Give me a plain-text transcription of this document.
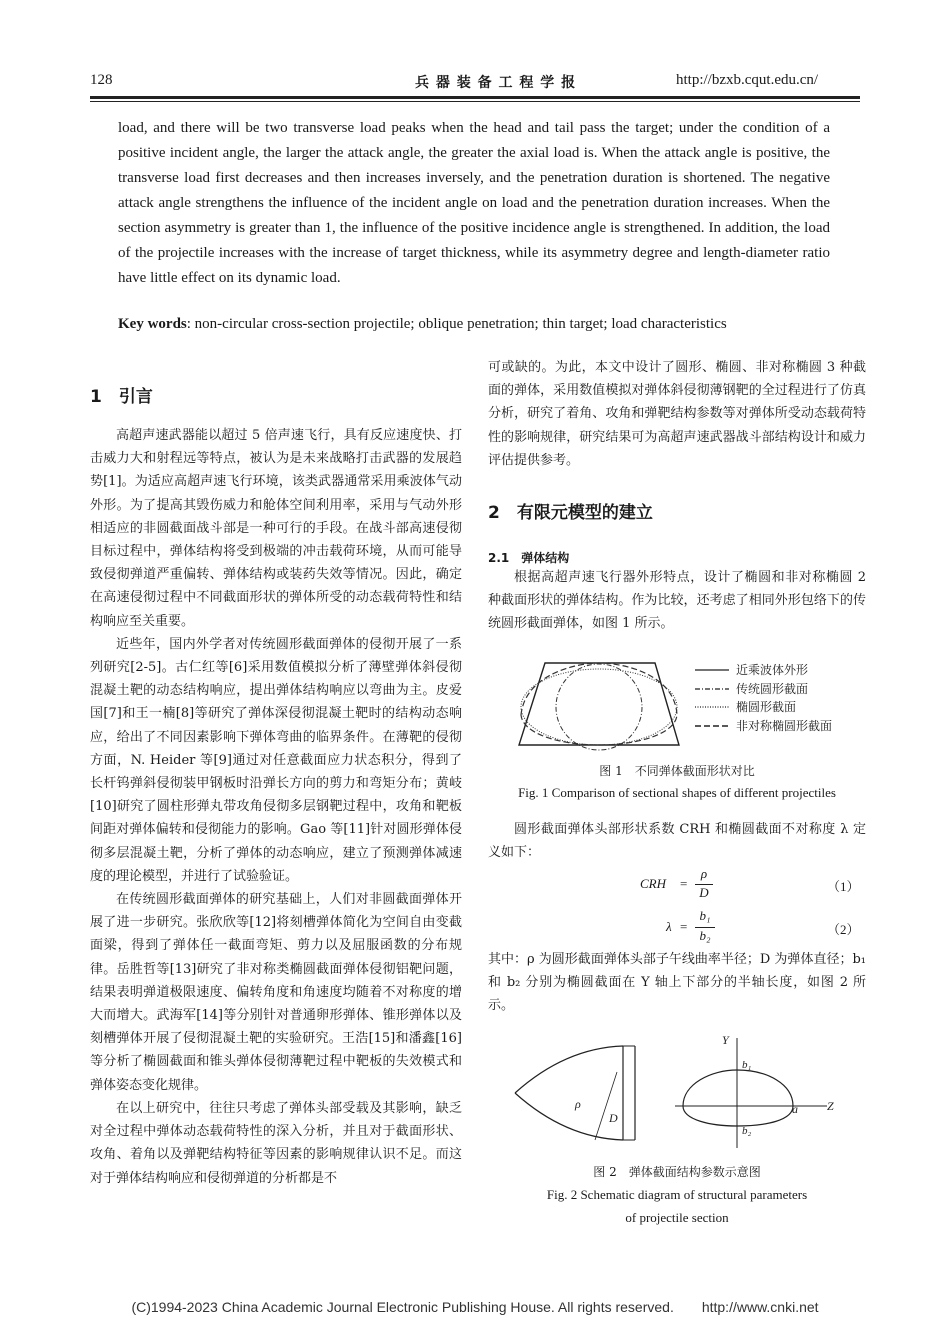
128	兵 器 装 备 工 程 学 报	http://bzxb.cqut.edu.cn/
load, and there will be two transverse load peaks when the head and tail pass the target; under the condition of a positive incident angle, the larger the attack angle, the greater the axial load is. When the attack angle is positive, the transverse load first decreases and then increases inversely, and the penetration duration is shortened. The negative attack angle strengthens the influence of the incident angle on load and the penetration duration increases. When the section asymmetry is greater than 1, the influence of the positive incidence angle is strengthened. In addition, the load of the projectile increases with the increase of target thickness, while its asymmetry degree and length-diameter ratio have little effect on its dynamic load.
Key words: non-circular cross-section projectile; oblique penetration; thin target; load characteristics
1　引言

高超声速武器能以超过 5 倍声速飞行，具有反应速度快、打击威力大和射程远等特点，被认为是未来战略打击武器的发展趋势[1]。为适应高超声速飞行环境，该类武器通常采用乘波体气动外形。为了提高其毁伤威力和舱体空间利用率，采用与气动外形相适应的非圆截面战斗部是一种可行的手段。在战斗部高速侵彻目标过程中，弹体结构将受到极端的冲击载荷环境，从而可能导致侵彻弹道严重偏转、弹体结构或装药失效等情况。因此，确定在高速侵彻过程中不同截面形状的弹体所受的动态载荷特性和结构响应至关重要。

近些年，国内外学者对传统圆形截面弹体的侵彻开展了一系列研究[2-5]。古仁红等[6]采用数值模拟分析了薄壁弹体斜侵彻混凝土靶的动态结构响应，提出弹体结构响应以弯曲为主。皮爱国[7]和王一楠[8]等研究了弹体深侵彻混凝土靶时的结构动态响应，给出了不同因素影响下弹体弯曲的临界条件。在薄靶的侵彻方面，N. Heider 等[9]通过对任意截面应力状态积分，得到了长杆钨弹斜侵彻装甲钢板时沿弹长方向的剪力和弯矩分布；黄岐[10]研究了圆柱形弹丸带攻角侵彻多层钢靶过程中，攻角和靶板间距对弹体偏转和侵彻能力的影响。Gao 等[11]针对圆形弹体侵彻多层混凝土靶，分析了弹体的动态响应，建立了预测弹体减速度的理论模型，并进行了试验验证。

在传统圆形截面弹体的研究基础上，人们对非圆截面弹体开展了进一步研究。张欣欣等[12]将刻槽弹体简化为空间自由变截面梁，得到了弹体任一截面弯矩、剪力以及屈服函数的分布规律。岳胜哲等[13]研究了非对称类椭圆截面弹体侵彻铝靶问题，结果表明弹道极限速度、偏转角度和角速度均随着不对称度的增大而增大。武海军[14]等分别针对普通卵形弹体、锥形弹体以及刻槽弹体开展了侵彻混凝土靶的实验研究。王浩[15]和潘鑫[16]等分析了椭圆截面和锥头弹体侵彻薄靶过程中靶板的失效模式和弹体姿态变化规律。

在以上研究中，往往只考虑了弹体头部受载及其影响，缺乏对全过程中弹体动态载荷特性的深入分析，并且对于截面形状、攻角、着角以及弹靶结构特征等因素的影响规律认识不足。而这对于弹体结构响应和侵彻弹道的分析都是不

可或缺的。为此，本文中设计了圆形、椭圆、非对称椭圆 3 种截面的弹体，采用数值模拟对弹体斜侵彻薄钢靶的全过程进行了仿真分析，研究了着角、攻角和弹靶结构参数等对弹体所受动态载荷特性的影响规律，研究结果可为高超声速武器战斗部结构设计和威力评估提供参考。

2　有限元模型的建立
2.1　弹体结构

根据高超声速飞行器外形特点，设计了椭圆和非对称椭圆 2 种截面形状的弹体结构。作为比较，还考虑了相同外形包络下的传统圆形截面弹体，如图 1 所示。

近乘波体外形
传统圆形截面
椭圆形截面
非对称椭圆形截面
图 1　不同弹体截面形状对比
Fig. 1 Comparison of sectional shapes of different projectiles

圆形截面弹体头部形状系数 CRH 和椭圆截面不对称度 λ 定义如下：

CRH =
ρ
D	（1）
λ =
b₁
b₂	（2）

其中：ρ 为圆形截面弹体头部子午线曲率半径；D 为弹体直径；b₁ 和 b₂ 分别为椭圆截面在 Y 轴上下部分的半轴长度，如图 2 所示。

ρ
D
Y
Z
a
b₁
b₂
图 2　弹体截面结构参数示意图
Fig. 2 Schematic diagram of structural parameters
of projectile section
(C)1994-2023 China Academic Journal Electronic Publishing House. All rights reserved.　　http://www.cnki.net
